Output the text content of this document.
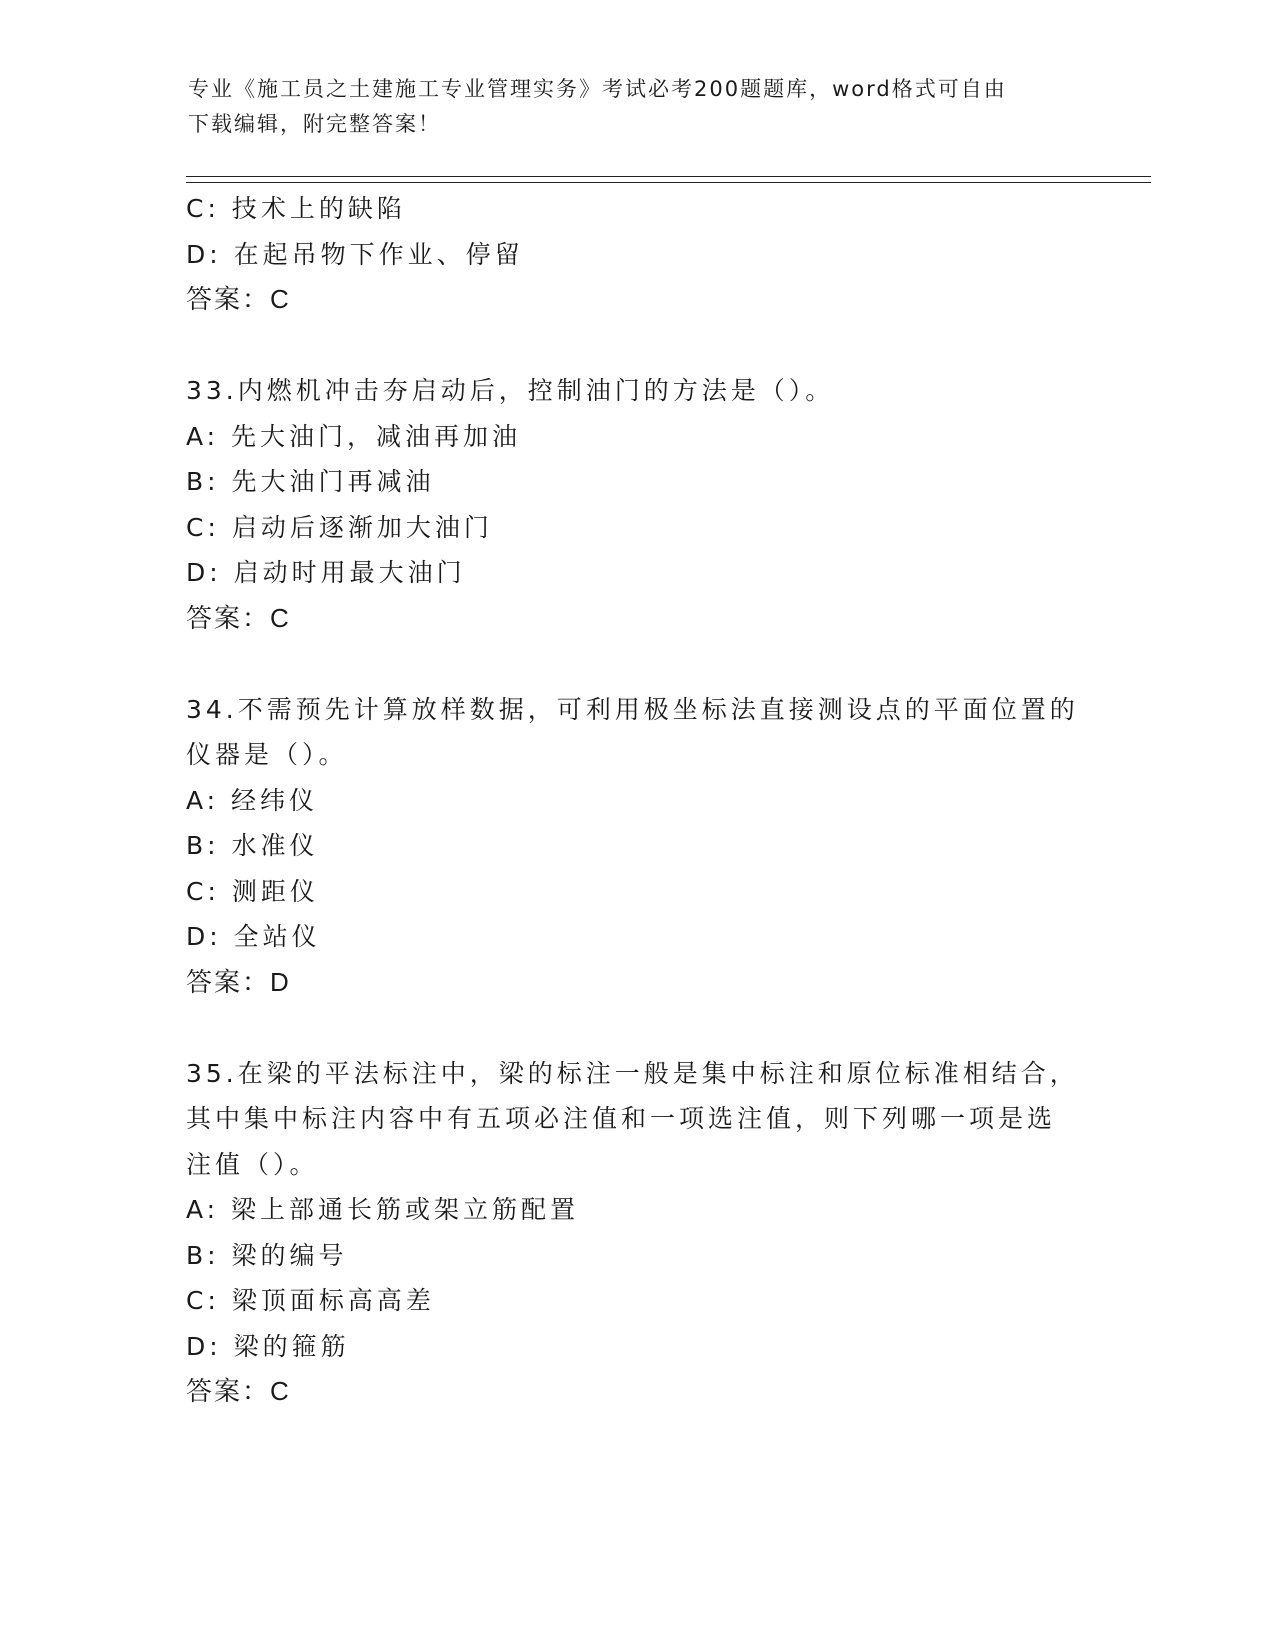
专业《施工员之土建施工专业管理实务》考试必考200题题库，word格式可自由
下载编辑，附完整答案！
C: 技术上的缺陷
D: 在起吊物下作业、停留
答案：C
33.内燃机冲击夯启动后，控制油门的方法是（）。
A: 先大油门，减油再加油
B: 先大油门再减油
C: 启动后逐渐加大油门
D: 启动时用最大油门
答案：C
34.不需预先计算放样数据，可利用极坐标法直接测设点的平面位置的
仪器是（）。
A: 经纬仪
B: 水准仪
C: 测距仪
D: 全站仪
答案：D
35.在梁的平法标注中，梁的标注一般是集中标注和原位标准相结合，
其中集中标注内容中有五项必注值和一项选注值，则下列哪一项是选
注值（）。
A: 梁上部通长筋或架立筋配置
B: 梁的编号
C: 梁顶面标高高差
D: 梁的箍筋
答案：C
